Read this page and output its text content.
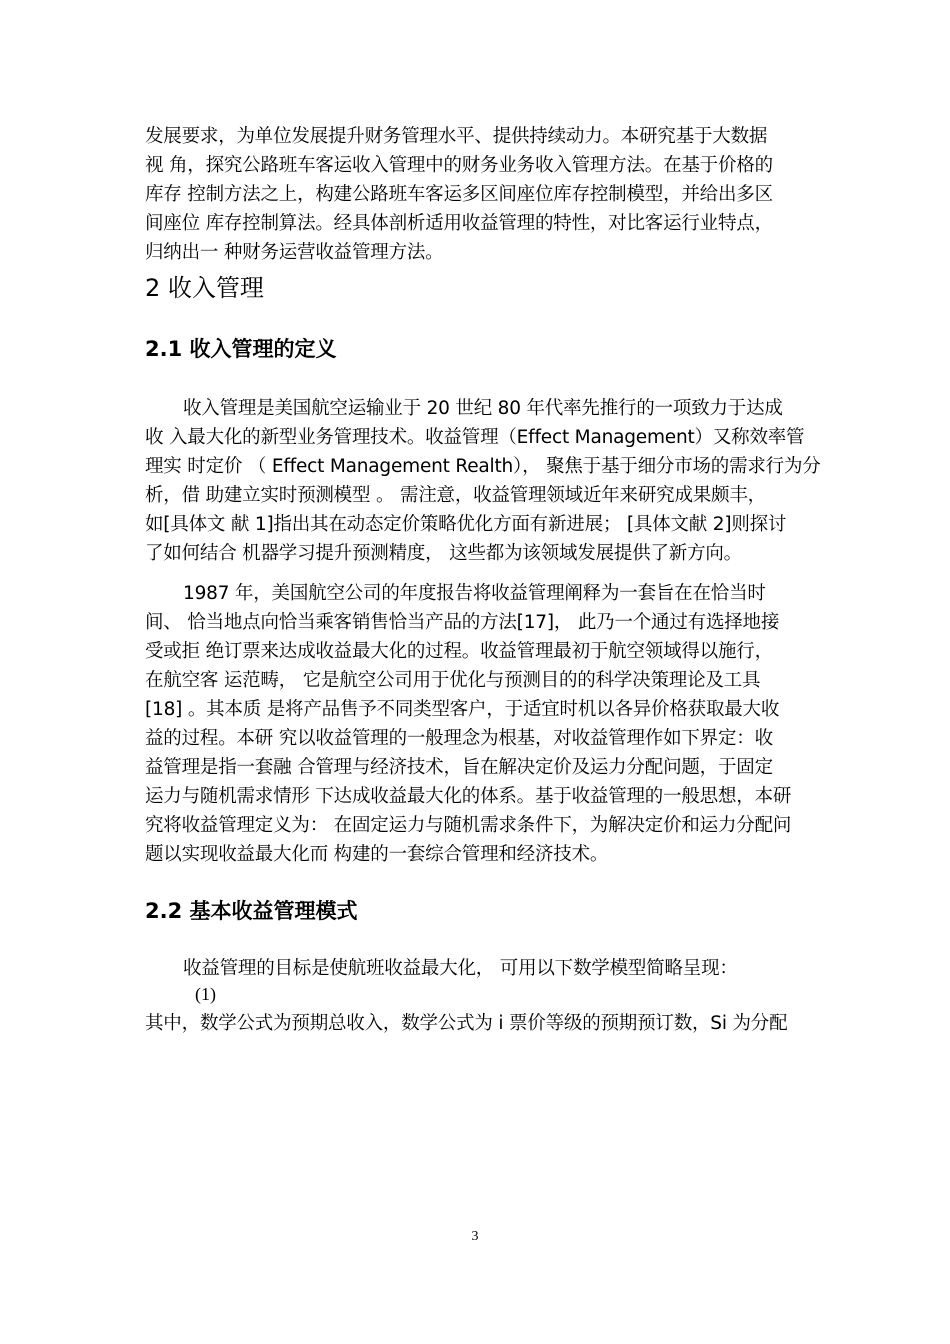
发展要求，为单位发展提升财务管理水平、提供持续动力。本研究基于大数据
视 角，探究公路班车客运收入管理中的财务业务收入管理方法。在基于价格的
库存 控制方法之上，构建公路班车客运多区间座位库存控制模型，并给出多区
间座位 库存控制算法。经具体剖析适用收益管理的特性，对比客运行业特点，
归纳出一 种财务运营收益管理方法。
2 收入管理
2.1 收入管理的定义
收入管理是美国航空运输业于 20 世纪 80 年代率先推行的一项致力于达成
收 入最大化的新型业务管理技术。收益管理（Effect Management）又称效率管
理实 时定价 （ Effect Management Realth）， 聚焦于基于细分市场的需求行为分
析，借 助建立实时预测模型 。 需注意，收益管理领域近年来研究成果颇丰，
如[具体文 献 1]指出其在动态定价策略优化方面有新进展； [具体文献 2]则探讨
了如何结合 机器学习提升预测精度， 这些都为该领域发展提供了新方向。
1987 年，美国航空公司的年度报告将收益管理阐释为一套旨在在恰当时
间、 恰当地点向恰当乘客销售恰当产品的方法[17]， 此乃一个通过有选择地接
受或拒 绝订票来达成收益最大化的过程。收益管理最初于航空领域得以施行，
在航空客 运范畴， 它是航空公司用于优化与预测目的的科学决策理论及工具
[18] 。其本质 是将产品售予不同类型客户，于适宜时机以各异价格获取最大收
益的过程。本研 究以收益管理的一般理念为根基，对收益管理作如下界定：收
益管理是指一套融 合管理与经济技术，旨在解决定价及运力分配问题，于固定
运力与随机需求情形 下达成收益最大化的体系。基于收益管理的一般思想，本研
究将收益管理定义为： 在固定运力与随机需求条件下，为解决定价和运力分配问
题以实现收益最大化而 构建的一套综合管理和经济技术。
2.2 基本收益管理模式
收益管理的目标是使航班收益最大化， 可用以下数学模型简略呈现：
(1)
其中，数学公式为预期总收入，数学公式为 i 票价等级的预期预订数，Si 为分配
3
